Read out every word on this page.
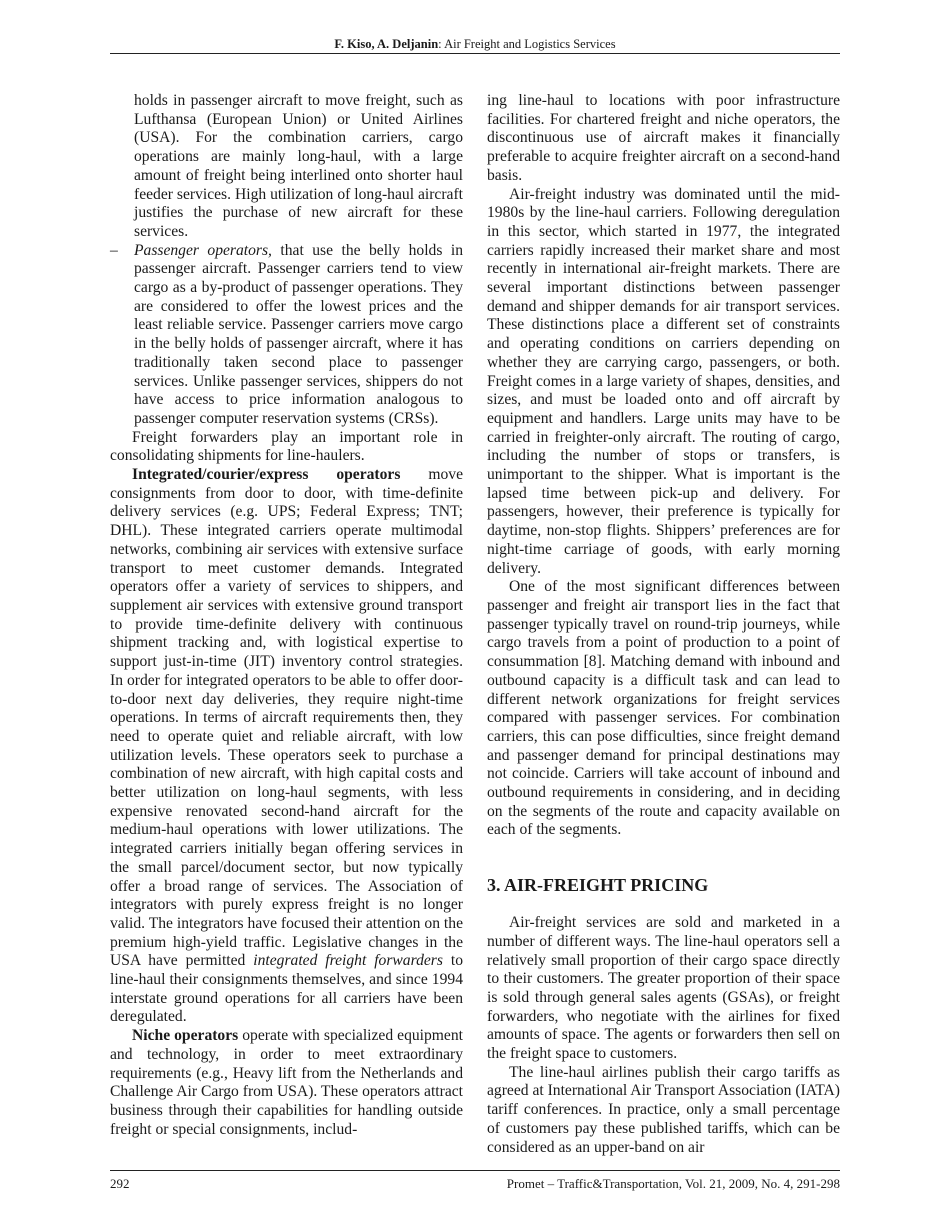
F. Kiso, A. Deljanin: Air Freight and Logistics Services

holds in passenger aircraft to move freight, such as Lufthansa (European Union) or United Airlines (USA). For the combination carriers, cargo operations are mainly long-haul, with a large amount of freight being interlined onto shorter haul feeder services. High utilization of long-haul aircraft justifies the purchase of new aircraft for these services.

– Passenger operators, that use the belly holds in passenger aircraft. Passenger carriers tend to view cargo as a by-product of passenger operations. They are considered to offer the lowest prices and the least reliable service. Passenger carriers move cargo in the belly holds of passenger aircraft, where it has traditionally taken second place to passenger services. Unlike passenger services, shippers do not have access to price information analogous to passenger computer reservation systems (CRSs).

Freight forwarders play an important role in consolidating shipments for line-haulers.

Integrated/courier/express operators move consignments from door to door, with time-definite delivery services (e.g. UPS; Federal Express; TNT; DHL). These integrated carriers operate multimodal networks, combining air services with extensive surface transport to meet customer demands. Integrated operators offer a variety of services to shippers, and supplement air services with extensive ground transport to provide time-definite delivery with continuous shipment tracking and, with logistical expertise to support just-in-time (JIT) inventory control strategies. In order for integrated operators to be able to offer door-to-door next day deliveries, they require night-time operations. In terms of aircraft requirements then, they need to operate quiet and reliable aircraft, with low utilization levels. These operators seek to purchase a combination of new aircraft, with high capital costs and better utilization on long-haul segments, with less expensive renovated second-hand aircraft for the medium-haul operations with lower utilizations. The integrated carriers initially began offering services in the small parcel/document sector, but now typically offer a broad range of services. The Association of integrators with purely express freight is no longer valid. The integrators have focused their attention on the premium high-yield traffic. Legislative changes in the USA have permitted integrated freight forwarders to line-haul their consignments themselves, and since 1994 interstate ground operations for all carriers have been deregulated.

Niche operators operate with specialized equipment and technology, in order to meet extraordinary requirements (e.g., Heavy lift from the Netherlands and Challenge Air Cargo from USA). These operators attract business through their capabilities for handling outside freight or special consignments, includ-

ing line-haul to locations with poor infrastructure facilities. For chartered freight and niche operators, the discontinuous use of aircraft makes it financially preferable to acquire freighter aircraft on a second-hand basis.

Air-freight industry was dominated until the mid-1980s by the line-haul carriers. Following deregulation in this sector, which started in 1977, the integrated carriers rapidly increased their market share and most recently in international air-freight markets. There are several important distinctions between passenger demand and shipper demands for air transport services. These distinctions place a different set of constraints and operating conditions on carriers depending on whether they are carrying cargo, passengers, or both. Freight comes in a large variety of shapes, densities, and sizes, and must be loaded onto and off aircraft by equipment and handlers. Large units may have to be carried in freighter-only aircraft. The routing of cargo, including the number of stops or transfers, is unimportant to the shipper. What is important is the lapsed time between pick-up and delivery. For passengers, however, their preference is typically for daytime, non-stop flights. Shippers’ preferences are for night-time carriage of goods, with early morning delivery.

One of the most significant differences between passenger and freight air transport lies in the fact that passenger typically travel on round-trip journeys, while cargo travels from a point of production to a point of consummation [8]. Matching demand with inbound and outbound capacity is a difficult task and can lead to different network organizations for freight services compared with passenger services. For combination carriers, this can pose difficulties, since freight demand and passenger demand for principal destinations may not coincide. Carriers will take account of inbound and outbound requirements in considering, and in deciding on the segments of the route and capacity available on each of the segments.

3. AIR-FREIGHT PRICING

Air-freight services are sold and marketed in a number of different ways. The line-haul operators sell a relatively small proportion of their cargo space directly to their customers. The greater proportion of their space is sold through general sales agents (GSAs), or freight forwarders, who negotiate with the airlines for fixed amounts of space. The agents or forwarders then sell on the freight space to customers.

The line-haul airlines publish their cargo tariffs as agreed at International Air Transport Association (IATA) tariff conferences. In practice, only a small percentage of customers pay these published tariffs, which can be considered as an upper-band on air

292	Promet – Traffic&Transportation, Vol. 21, 2009, No. 4, 291-298
